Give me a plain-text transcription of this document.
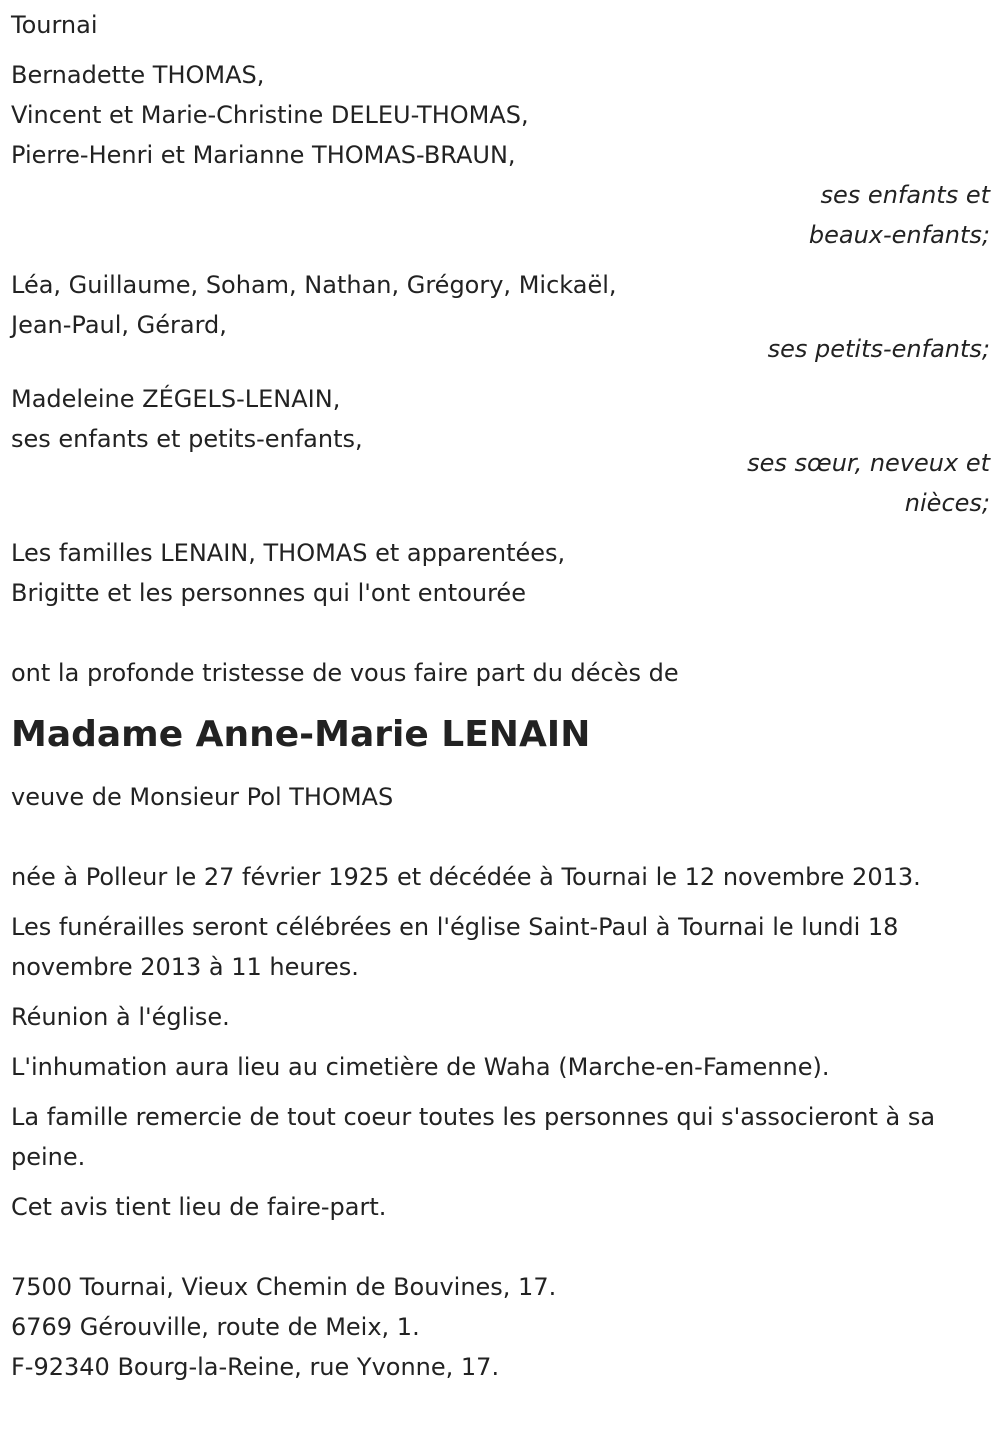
Tournai
Bernadette THOMAS,
Vincent et Marie-Christine DELEU-THOMAS,
Pierre-Henri et Marianne THOMAS-BRAUN,
ses enfants et
beaux-enfants;
Léa, Guillaume, Soham, Nathan, Grégory, Mickaël,
Jean-Paul, Gérard,
ses petits-enfants;
Madeleine ZÉGELS-LENAIN,
ses enfants et petits-enfants,
ses sœur, neveux et
nièces;
Les familles LENAIN, THOMAS et apparentées,
Brigitte et les personnes qui l'ont entourée
ont la profonde tristesse de vous faire part du décès de
Madame Anne-Marie LENAIN
veuve de Monsieur Pol THOMAS
née à Polleur le 27 février 1925 et décédée à Tournai le 12 novembre 2013.
Les funérailles seront célébrées en l'église Saint-Paul à Tournai le lundi 18 novembre 2013 à 11 heures.
Réunion à l'église.
L'inhumation aura lieu au cimetière de Waha (Marche-en-Famenne).
La famille remercie de tout coeur toutes les personnes qui s'associeront à sa peine.
Cet avis tient lieu de faire-part.
7500 Tournai, Vieux Chemin de Bouvines, 17.
6769 Gérouville, route de Meix, 1.
F-92340 Bourg-la-Reine, rue Yvonne, 17.
